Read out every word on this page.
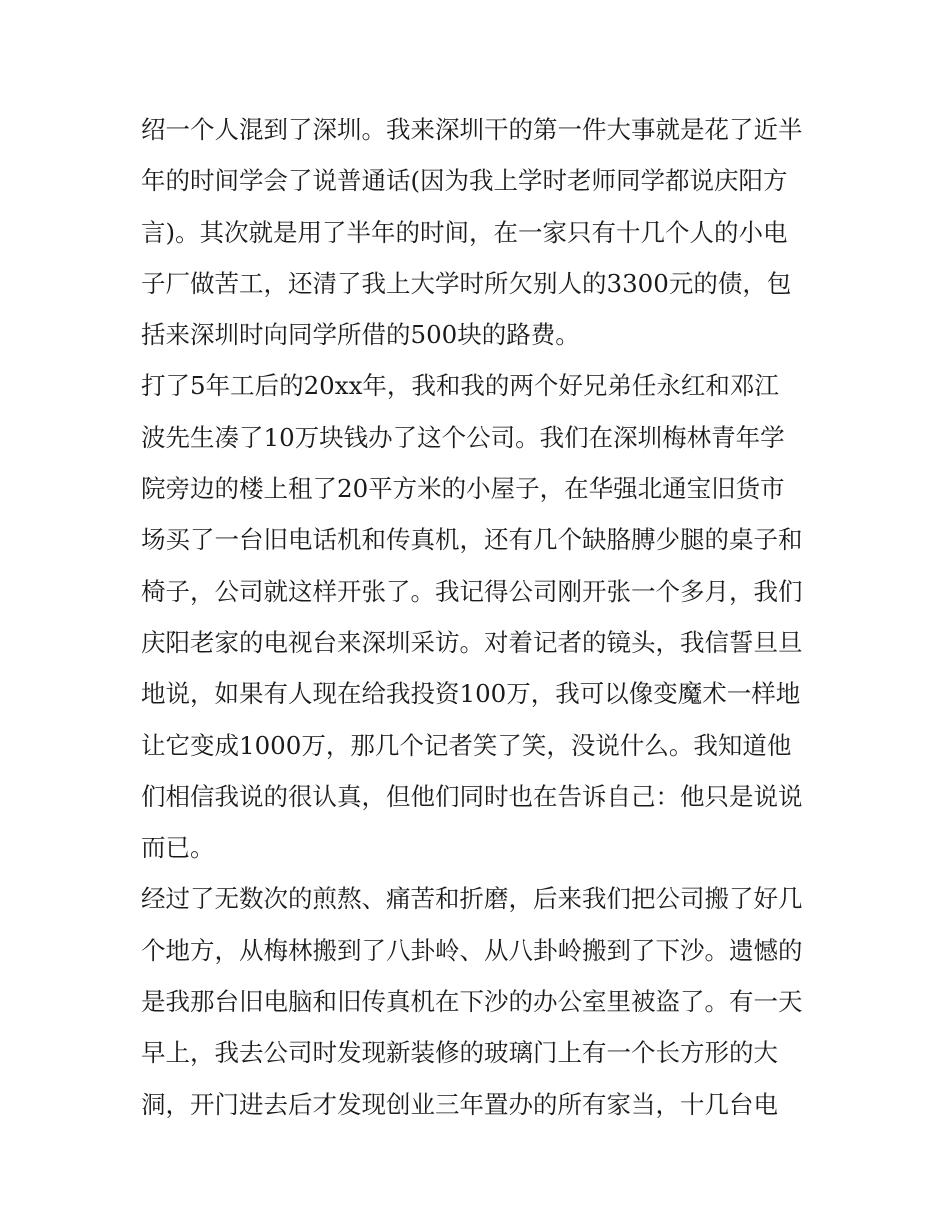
绍一个人混到了深圳。我来深圳干的第一件大事就是花了近半
年的时间学会了说普通话(因为我上学时老师同学都说庆阳方
言)。其次就是用了半年的时间，在一家只有十几个人的小电
子厂做苦工，还清了我上大学时所欠别人的3300元的债，包
括来深圳时向同学所借的500块的路费。
打了5年工后的20xx年，我和我的两个好兄弟任永红和邓江
波先生凑了10万块钱办了这个公司。我们在深圳梅林青年学
院旁边的楼上租了20平方米的小屋子，在华强北通宝旧货市
场买了一台旧电话机和传真机，还有几个缺胳膊少腿的桌子和
椅子，公司就这样开张了。我记得公司刚开张一个多月，我们
庆阳老家的电视台来深圳采访。对着记者的镜头，我信誓旦旦
地说，如果有人现在给我投资100万，我可以像变魔术一样地
让它变成1000万，那几个记者笑了笑，没说什么。我知道他
们相信我说的很认真，但他们同时也在告诉自己：他只是说说
而已。
经过了无数次的煎熬、痛苦和折磨，后来我们把公司搬了好几
个地方，从梅林搬到了八卦岭、从八卦岭搬到了下沙。遗憾的
是我那台旧电脑和旧传真机在下沙的办公室里被盗了。有一天
早上，我去公司时发现新装修的玻璃门上有一个长方形的大
洞，开门进去后才发现创业三年置办的所有家当，十几台电
